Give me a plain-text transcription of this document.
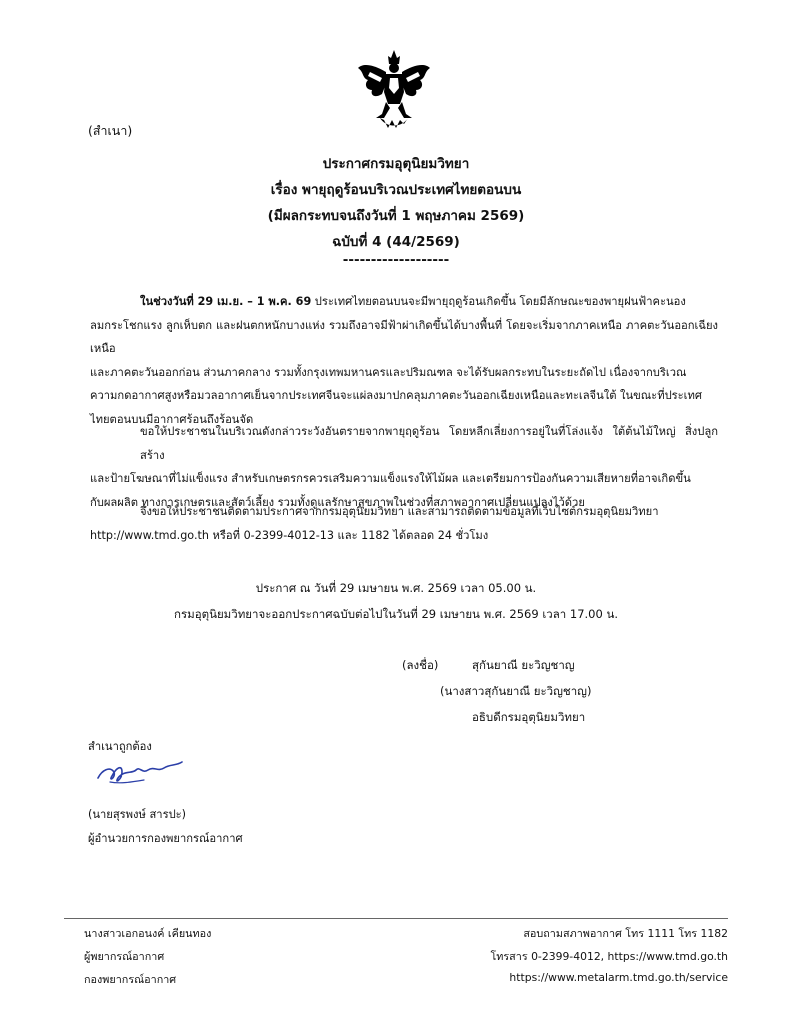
(สำเนา)
ประกาศกรมอุตุนิยมวิทยา
เรื่อง พายุฤดูร้อนบริเวณประเทศไทยตอนบน
(มีผลกระทบจนถึงวันที่ 1 พฤษภาคม 2569)
ฉบับที่ 4 (44/2569)
-------------------
ในช่วงวันที่ 29 เม.ย. – 1 พ.ค. 69 ประเทศไทยตอนบนจะมีพายุฤดูร้อนเกิดขึ้น โดยมีลักษณะของพายุฝนฟ้าคะนอง
ลมกระโชกแรง ลูกเห็บตก และฝนตกหนักบางแห่ง รวมถึงอาจมีฟ้าผ่าเกิดขึ้นได้บางพื้นที่ โดยจะเริ่มจากภาคเหนือ ภาคตะวันออกเฉียงเหนือ
และภาคตะวันออกก่อน ส่วนภาคกลาง รวมทั้งกรุงเทพมหานครและปริมณฑล จะได้รับผลกระทบในระยะถัดไป เนื่องจากบริเวณ
ความกดอากาศสูงหรือมวลอากาศเย็นจากประเทศจีนจะแผ่ลงมาปกคลุมภาคตะวันออกเฉียงเหนือและทะเลจีนใต้ ในขณะที่ประเทศ
ไทยตอนบนมีอากาศร้อนถึงร้อนจัด
ขอให้ประชาชนในบริเวณดังกล่าวระวังอันตรายจากพายุฤดูร้อน โดยหลีกเลี่ยงการอยู่ในที่โล่งแจ้ง ใต้ต้นไม้ใหญ่ สิ่งปลูกสร้าง
และป้ายโฆษณาที่ไม่แข็งแรง สำหรับเกษตรกรควรเสริมความแข็งแรงให้ไม้ผล และเตรียมการป้องกันความเสียหายที่อาจเกิดขึ้น
กับผลผลิต ทางการเกษตรและสัตว์เลี้ยง รวมทั้งดูแลรักษาสุขภาพในช่วงที่สภาพอากาศเปลี่ยนแปลงไว้ด้วย
จึงขอให้ประชาชนติดตามประกาศจากกรมอุตุนิยมวิทยา และสามารถติดตามข้อมูลที่เว็บไซต์กรมอุตุนิยมวิทยา
http://www.tmd.go.th หรือที่ 0-2399-4012-13 และ 1182 ได้ตลอด 24 ชั่วโมง
ประกาศ ณ วันที่ 29 เมษายน พ.ศ. 2569 เวลา 05.00 น.
กรมอุตุนิยมวิทยาจะออกประกาศฉบับต่อไปในวันที่ 29 เมษายน พ.ศ. 2569 เวลา 17.00 น.
(ลงชื่อ)	สุกันยาณี ยะวิญชาญ
(นางสาวสุกันยาณี ยะวิญชาญ)
อธิบดีกรมอุตุนิยมวิทยา
สำเนาถูกต้อง
(นายสุรพงษ์ สารปะ)
ผู้อำนวยการกองพยากรณ์อากาศ
นางสาวเอกอนงค์ เคียนทอง
ผู้พยากรณ์อากาศ
กองพยากรณ์อากาศ
สอบถามสภาพอากาศ โทร 1111 โทร 1182
โทรสาร 0-2399-4012, https://www.tmd.go.th
https://www.metalarm.tmd.go.th/service
